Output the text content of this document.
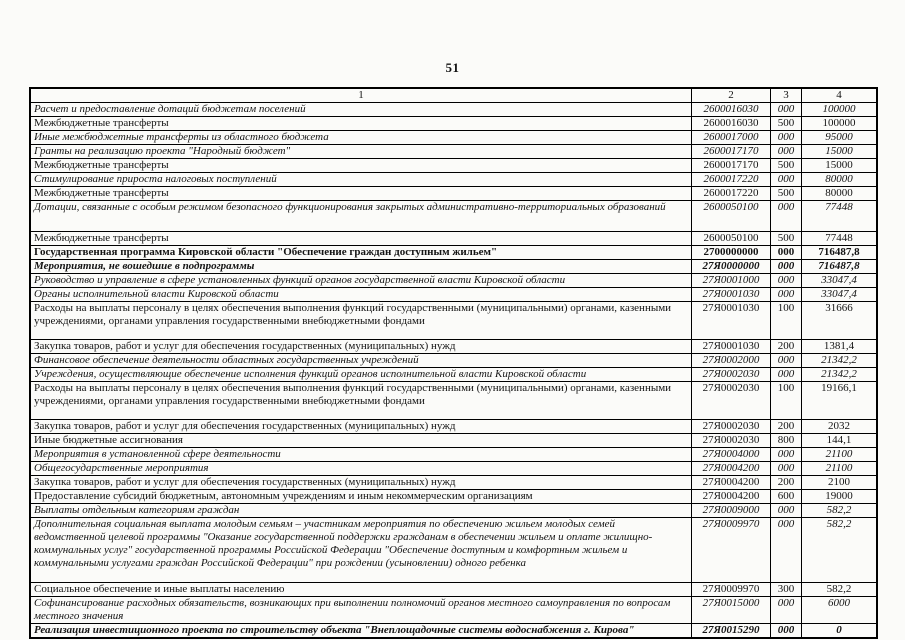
51
1	2	3	4
Расчет и предоставление дотаций бюджетам поселений	2600016030	000	100000
Межбюджетные трансферты	2600016030	500	100000
Иные межбюджетные трансферты из областного бюджета	2600017000	000	95000
Гранты на реализацию проекта "Народный бюджет"	2600017170	000	15000
Межбюджетные трансферты	2600017170	500	15000
Стимулирование прироста налоговых поступлений	2600017220	000	80000
Межбюджетные трансферты	2600017220	500	80000
Дотации, связанные с особым режимом безопасного функционирования закрытых административно-территориальных образований	2600050100	000	77448
Межбюджетные трансферты	2600050100	500	77448
Государственная программа Кировской области "Обеспечение граждан доступным жильем"	2700000000	000	716487,8
Мероприятия, не вошедшие в подпрограммы	27Я0000000	000	716487,8
Руководство и управление в сфере установленных функций органов государственной власти Кировской области	27Я0001000	000	33047,4
Органы исполнительной власти Кировской области	27Я0001030	000	33047,4
Расходы на выплаты персоналу в целях обеспечения выполнения функций государственными (муниципальными) органами, казенными учреждениями, органами управления государственными внебюджетными фондами	27Я0001030	100	31666
Закупка товаров, работ и услуг для обеспечения государственных (муниципальных) нужд	27Я0001030	200	1381,4
Финансовое обеспечение деятельности областных государственных учреждений	27Я0002000	000	21342,2
Учреждения, осуществляющие обеспечение исполнения функций органов исполнительной власти Кировской области	27Я0002030	000	21342,2
Расходы на выплаты персоналу в целях обеспечения выполнения функций государственными (муниципальными) органами, казенными учреждениями, органами управления государственными внебюджетными фондами	27Я0002030	100	19166,1
Закупка товаров, работ и услуг для обеспечения государственных (муниципальных) нужд	27Я0002030	200	2032
Иные бюджетные ассигнования	27Я0002030	800	144,1
Мероприятия в установленной сфере деятельности	27Я0004000	000	21100
Общегосударственные мероприятия	27Я0004200	000	21100
Закупка товаров, работ и услуг для обеспечения государственных (муниципальных) нужд	27Я0004200	200	2100
Предоставление субсидий бюджетным, автономным учреждениям и иным некоммерческим организациям	27Я0004200	600	19000
Выплаты отдельным категориям граждан	27Я0009000	000	582,2
Дополнительная социальная выплата молодым семьям – участникам мероприятия по обеспечению жильем молодых семей ведомственной целевой программы "Оказание государственной поддержки гражданам в обеспечении жильем и оплате жилищно-коммунальных услуг" государственной программы Российской Федерации "Обеспечение доступным и комфортным жильем и коммунальными услугами граждан Российской Федерации" при рождении (усыновлении) одного ребенка	27Я0009970	000	582,2
Социальное обеспечение и иные выплаты населению	27Я0009970	300	582,2
Софинансирование расходных обязательств, возникающих при выполнении полномочий органов местного самоуправления по вопросам местного значения	27Я0015000	000	6000
Реализация инвестиционного проекта по строительству объекта "Внеплощадочные системы водоснабжения г. Кирова"	27Я0015290	000	0
